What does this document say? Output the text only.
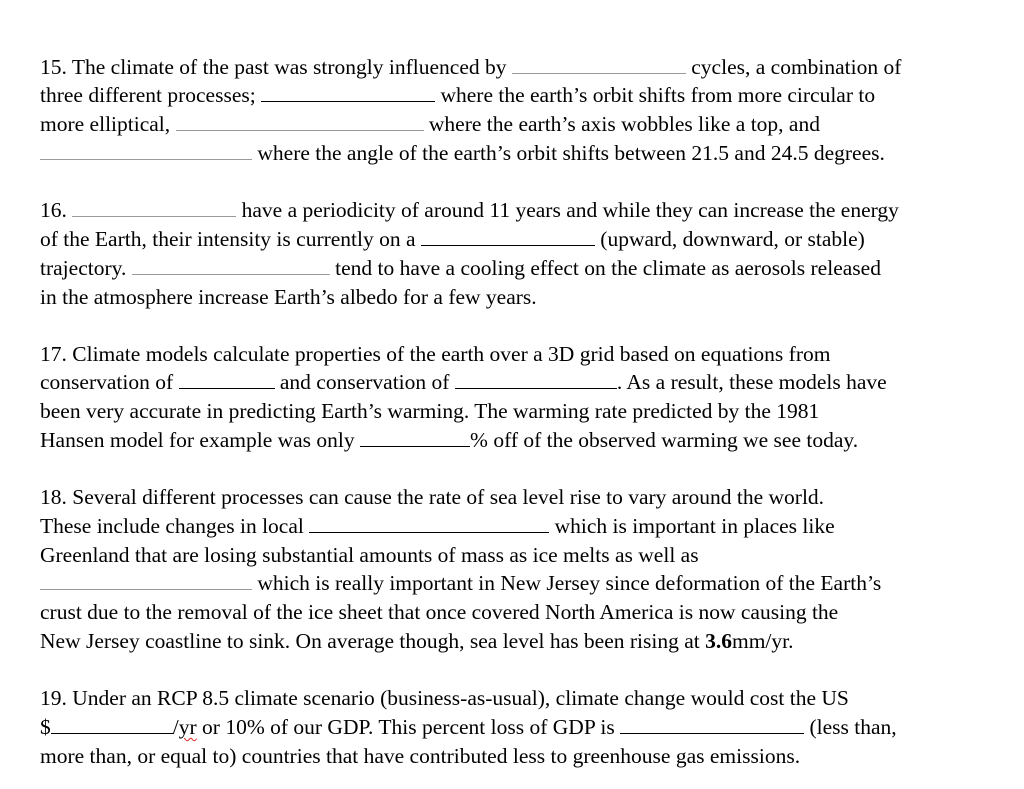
15. The climate of the past was strongly influenced by	cycles, a combination of
three different processes;	where the earth’s orbit shifts from more circular to
more elliptical,	where the earth’s axis wobbles like a top, and
where the angle of the earth’s orbit shifts between 21.5 and 24.5 degrees.
16.	have a periodicity of around 11 years and while they can increase the energy
of the Earth, their intensity is currently on a	(upward, downward, or stable)
trajectory.	tend to have a cooling effect on the climate as aerosols released
in the atmosphere increase Earth’s albedo for a few years.
17. Climate models calculate properties of the earth over a 3D grid based on equations from
conservation of	and conservation of	. As a result, these models have
been very accurate in predicting Earth’s warming. The warming rate predicted by the 1981
Hansen model for example was only	% off of the observed warming we see today.
18. Several different processes can cause the rate of sea level rise to vary around the world.
These include changes in local	which is important in places like
Greenland that are losing substantial amounts of mass as ice melts as well as
which is really important in New Jersey since deformation of the Earth’s
crust due to the removal of the ice sheet that once covered North America is now causing the
New Jersey coastline to sink. On average though, sea level has been rising at 3.6mm/yr.
19. Under an RCP 8.5 climate scenario (business-as-usual), climate change would cost the US
$	/yr or 10% of our GDP. This percent loss of GDP is	(less than,
more than, or equal to) countries that have contributed less to greenhouse gas emissions.
